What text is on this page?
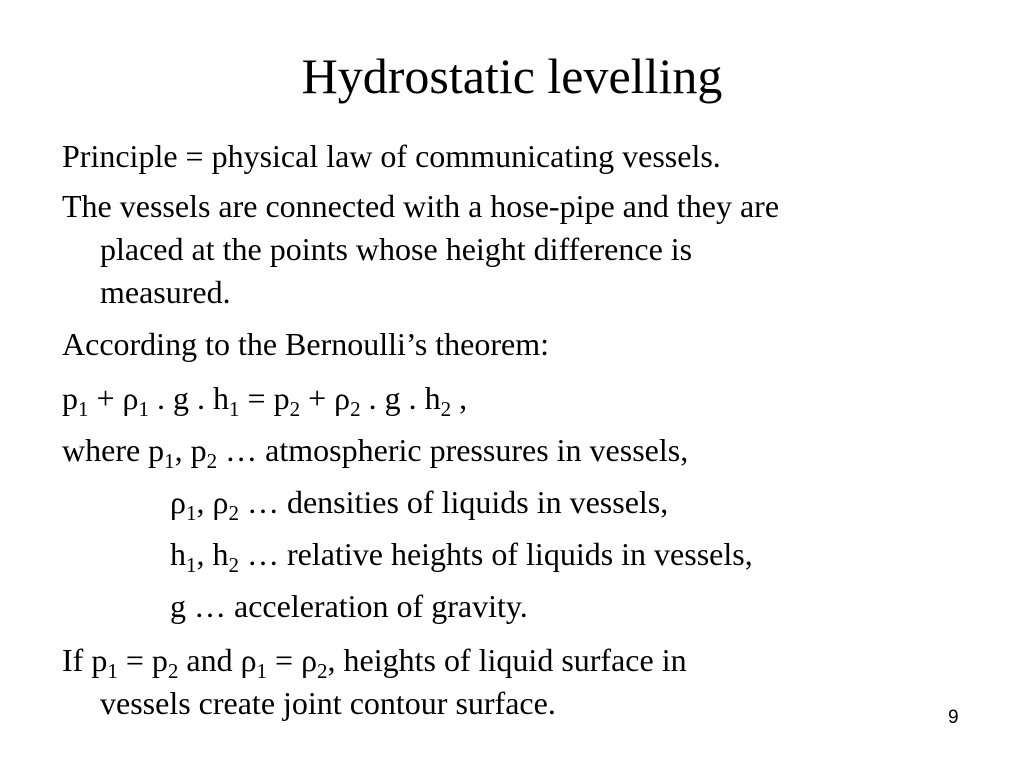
Hydrostatic levelling
Principle = physical law of communicating vessels.
The vessels are connected with a hose-pipe and they are
placed at the points whose height difference is
measured.
According to the Bernoulli’s theorem:
$p_1 + \rho_1$ . g . $h_1 = p_2 + \rho_2$ . g . $h_2$ ,
where $p_1$, $p_2$ … atmospheric pressures in vessels,
$\rho_1$, $\rho_2$ … densities of liquids in vessels,
$h_1$, $h_2$ … relative heights of liquids in vessels,
g … acceleration of gravity.
If $p_1 = p_2$ and $\rho_1 = \rho_2$, heights of liquid surface in
vessels create joint contour surface.	9
